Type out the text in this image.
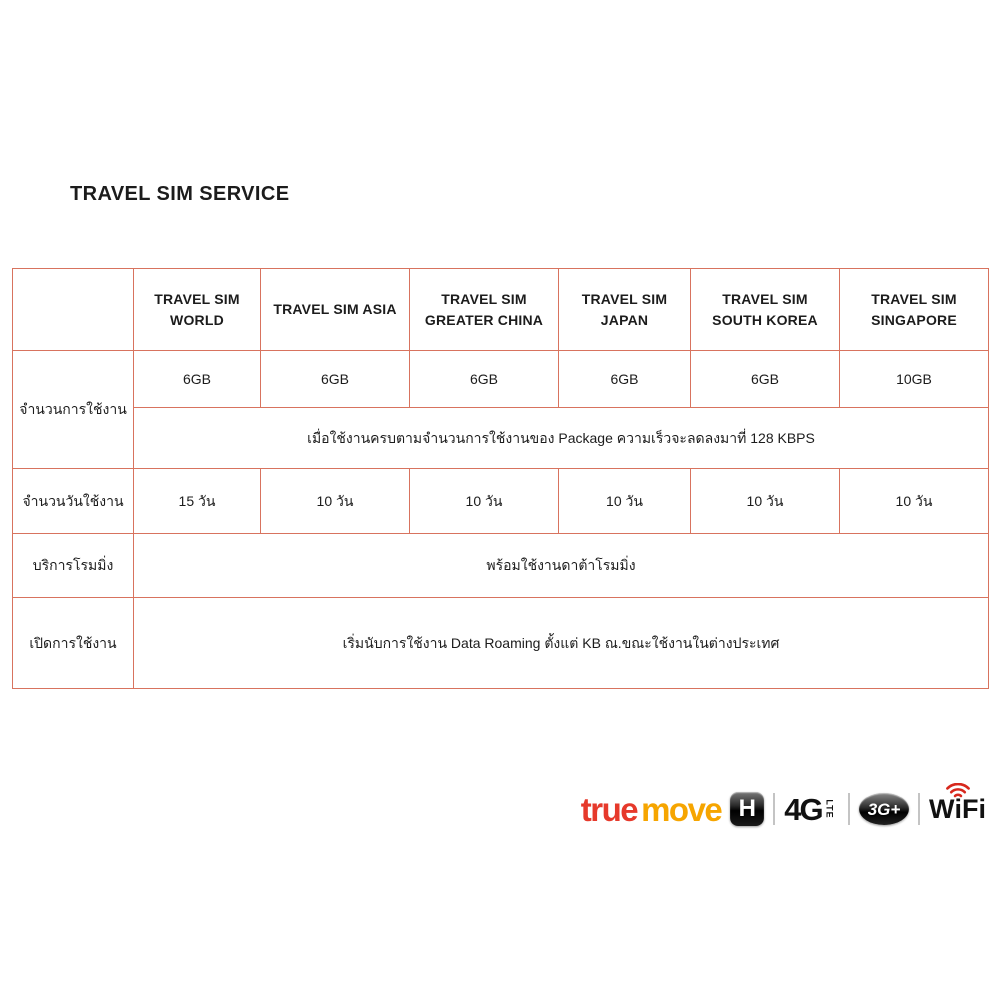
TRAVEL SIM SERVICE
	TRAVEL SIM WORLD	TRAVEL SIM ASIA	TRAVEL SIM GREATER CHINA	TRAVEL SIM JAPAN	TRAVEL SIM SOUTH KOREA	TRAVEL SIM SINGAPORE
จำนวนการใช้งาน	6GB	6GB	6GB	6GB	6GB	10GB
	เมื่อใช้งานครบตามจำนวนการใช้งานของ Package ความเร็วจะลดลงมาที่ 128 KBPS					
จำนวนวันใช้งาน	15 วัน	10 วัน	10 วัน	10 วัน	10 วัน	10 วัน
บริการโรมมิ่ง	พร้อมใช้งานดาต้าโรมมิ่ง					
เปิดการใช้งาน	เริ่มนับการใช้งาน Data Roaming ตั้งแต่ KB ณ.ขณะใช้งานในต่างประเทศ					
true move H 4G LTE 3G+ W i Fi
